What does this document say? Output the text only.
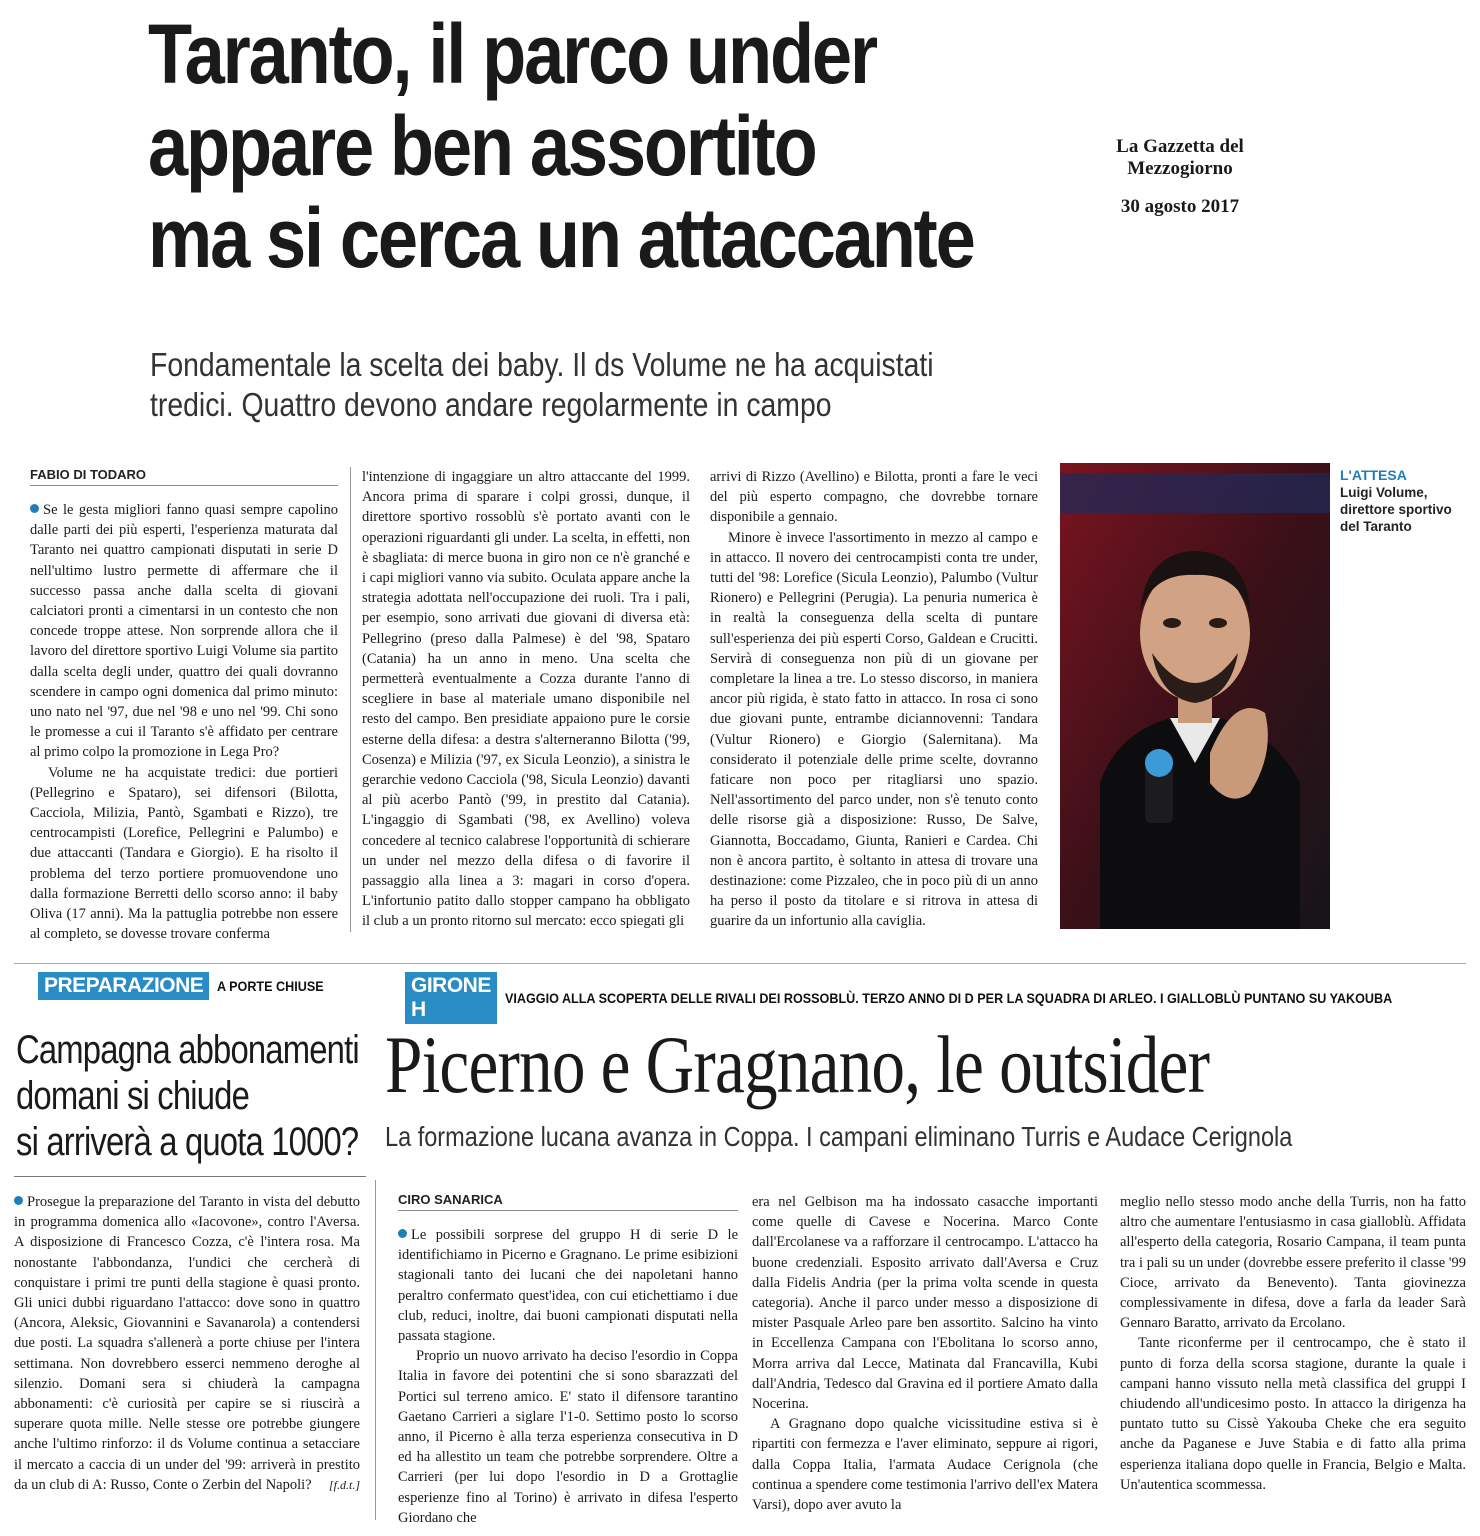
Taranto, il parco under
appare ben assortito
ma si cerca un attaccante
La Gazzetta del Mezzogiorno
30 agosto 2017
Fondamentale la scelta dei baby. Il ds Volume ne ha acquistati
tredici. Quattro devono andare regolarmente in campo
FABIO DI TODARO

Se le gesta migliori fanno quasi sempre capolino dalle parti dei più esperti, l'esperienza maturata dal Taranto nei quattro campionati disputati in serie D nell'ultimo lustro permette di affermare che il successo passa anche dalla scelta di giovani calciatori pronti a cimentarsi in un contesto che non concede troppe attese. Non sorprende allora che il lavoro del direttore sportivo Luigi Volume sia partito dalla scelta degli under, quattro dei quali dovranno scendere in campo ogni domenica dal primo minuto: uno nato nel '97, due nel '98 e uno nel '99. Chi sono le promesse a cui il Taranto s'è affidato per centrare al primo colpo la promozione in Lega Pro?

Volume ne ha acquistate tredici: due portieri (Pellegrino e Spataro), sei difensori (Bilotta, Cacciola, Milizia, Pantò, Sgambati e Rizzo), tre centrocampisti (Lorefice, Pellegrini e Palumbo) e due attaccanti (Tandara e Giorgio). E ha risolto il problema del terzo portiere promuovendone uno dalla formazione Berretti dello scorso anno: il baby Oliva (17 anni). Ma la pattuglia potrebbe non essere al completo, se dovesse trovare conferma

l'intenzione di ingaggiare un altro attaccante del 1999. Ancora prima di sparare i colpi grossi, dunque, il direttore sportivo rossoblù s'è portato avanti con le operazioni riguardanti gli under. La scelta, in effetti, non è sbagliata: di merce buona in giro non ce n'è granché e i capi migliori vanno via subito. Oculata appare anche la strategia adottata nell'occupazione dei ruoli. Tra i pali, per esempio, sono arrivati due giovani di diversa età: Pellegrino (preso dalla Palmese) è del '98, Spataro (Catania) ha un anno in meno. Una scelta che permetterà eventualmente a Cozza durante l'anno di scegliere in base al materiale umano disponibile nel resto del campo. Ben presidiate appaiono pure le corsie esterne della difesa: a destra s'alterneranno Bilotta ('99, Cosenza) e Milizia ('97, ex Sicula Leonzio), a sinistra le gerarchie vedono Cacciola ('98, Sicula Leonzio) davanti al più acerbo Pantò ('99, in prestito dal Catania). L'ingaggio di Sgambati ('98, ex Avellino) voleva concedere al tecnico calabrese l'opportunità di schierare un under nel mezzo della difesa o di favorire il passaggio alla linea a 3: magari in corso d'opera. L'infortunio patito dallo stopper campano ha obbligato il club a un pronto ritorno sul mercato: ecco spiegati gli

arrivi di Rizzo (Avellino) e Bilotta, pronti a fare le veci del più esperto compagno, che dovrebbe tornare disponibile a gennaio.

Minore è invece l'assortimento in mezzo al campo e in attacco. Il novero dei centrocampisti conta tre under, tutti del '98: Lorefice (Sicula Leonzio), Palumbo (Vultur Rionero) e Pellegrini (Perugia). La penuria numerica è in realtà la conseguenza della scelta di puntare sull'esperienza dei più esperti Corso, Galdean e Crucitti. Servirà di conseguenza non più di un giovane per completare la linea a tre. Lo stesso discorso, in maniera ancor più rigida, è stato fatto in attacco. In rosa ci sono due giovani punte, entrambe diciannovenni: Tandara (Vultur Rionero) e Giorgio (Salernitana). Ma considerato il potenziale delle prime scelte, dovranno faticare non poco per ritagliarsi uno spazio. Nell'assortimento del parco under, non s'è tenuto conto delle risorse già a disposizione: Russo, De Salve, Giannotta, Boccadamo, Giunta, Ranieri e Cardea. Chi non è ancora partito, è soltanto in attesa di trovare una destinazione: come Pizzaleo, che in poco più di un anno ha perso il posto da titolare e si ritrova in attesa di guarire da un infortunio alla caviglia.

L'ATTESA
Luigi Volume, direttore sportivo del Taranto
PREPARAZIONE	A PORTE CHIUSE	GIRONE H	VIAGGIO ALLA SCOPERTA DELLE RIVALI DEI ROSSOBLÙ. TERZO ANNO DI D PER LA SQUADRA DI ARLEO. I GIALLOBLÙ PUNTANO SU YAKOUBA
Campagna abbonamenti
domani si chiude
si arriverà a quota 1000?
Picerno e Gragnano, le outsider
La formazione lucana avanza in Coppa. I campani eliminano Turris e Audace Cerignola

Prosegue la preparazione del Taranto in vista del debutto in programma domenica allo «Iacovone», contro l'Aversa. A disposizione di Francesco Cozza, c'è l'intera rosa. Ma nonostante l'abbondanza, l'undici che cercherà di conquistare i primi tre punti della stagione è quasi pronto. Gli unici dubbi riguardano l'attacco: dove sono in quattro (Ancora, Aleksic, Giovannini e Savanarola) a contendersi due posti. La squadra s'allenerà a porte chiuse per l'intera settimana. Non dovrebbero esserci nemmeno deroghe al silenzio. Domani sera si chiuderà la campagna abbonamenti: c'è curiosità per capire se si riuscirà a superare quota mille. Nelle stesse ore potrebbe giungere anche l'ultimo rinforzo: il ds Volume continua a setacciare il mercato a caccia di un under del '99: arriverà in prestito da un club di A: Russo, Conte o Zerbin del Napoli? [f.d.t.]

CIRO SANARICA

Le possibili sorprese del gruppo H di serie D le identifichiamo in Picerno e Gragnano. Le prime esibizioni stagionali tanto dei lucani che dei napoletani hanno peraltro confermato quest'idea, con cui etichettiamo i due club, reduci, inoltre, dai buoni campionati disputati nella passata stagione.

Proprio un nuovo arrivato ha deciso l'esordio in Coppa Italia in favore dei potentini che si sono sbarazzati del Portici sul terreno amico. E' stato il difensore tarantino Gaetano Carrieri a siglare l'1-0. Settimo posto lo scorso anno, il Picerno è alla terza esperienza consecutiva in D ed ha allestito un team che potrebbe sorprendere. Oltre a Carrieri (per lui dopo l'esordio in D a Grottaglie esperienze fino al Torino) è arrivato in difesa l'esperto Giordano che

era nel Gelbison ma ha indossato casacche importanti come quelle di Cavese e Nocerina. Marco Conte dall'Ercolanese va a rafforzare il centrocampo. L'attacco ha buone credenziali. Esposito arrivato dall'Aversa e Cruz dalla Fidelis Andria (per la prima volta scende in questa categoria). Anche il parco under messo a disposizione di mister Pasquale Arleo pare ben assortito. Salcino ha vinto in Eccellenza Campana con l'Ebolitana lo scorso anno, Morra arriva dal Lecce, Matinata dal Francavilla, Kubi dall'Andria, Tedesco dal Gravina ed il portiere Amato dalla Nocerina.

A Gragnano dopo qualche vicissitudine estiva si è ripartiti con fermezza e l'aver eliminato, seppure ai rigori, dalla Coppa Italia, l'armata Audace Cerignola (che continua a spendere come testimonia l'arrivo dell'ex Matera Varsi), dopo aver avuto la

meglio nello stesso modo anche della Turris, non ha fatto altro che aumentare l'entusiasmo in casa gialloblù. Affidata all'esperto della categoria, Rosario Campana, il team punta tra i pali su un under (dovrebbe essere preferito il classe '99 Cioce, arrivato da Benevento). Tanta giovinezza complessivamente in difesa, dove a farla da leader Sarà Gennaro Baratto, arrivato da Ercolano.

Tante riconferme per il centrocampo, che è stato il punto di forza della scorsa stagione, durante la quale i campani hanno vissuto nella metà classifica del gruppi I chiudendo all'undicesimo posto. In attacco la dirigenza ha puntato tutto su Cissè Yakouba Cheke che era seguito anche da Paganese e Juve Stabia e di fatto alla prima esperienza italiana dopo quelle in Francia, Belgio e Malta. Un'autentica scommessa.
